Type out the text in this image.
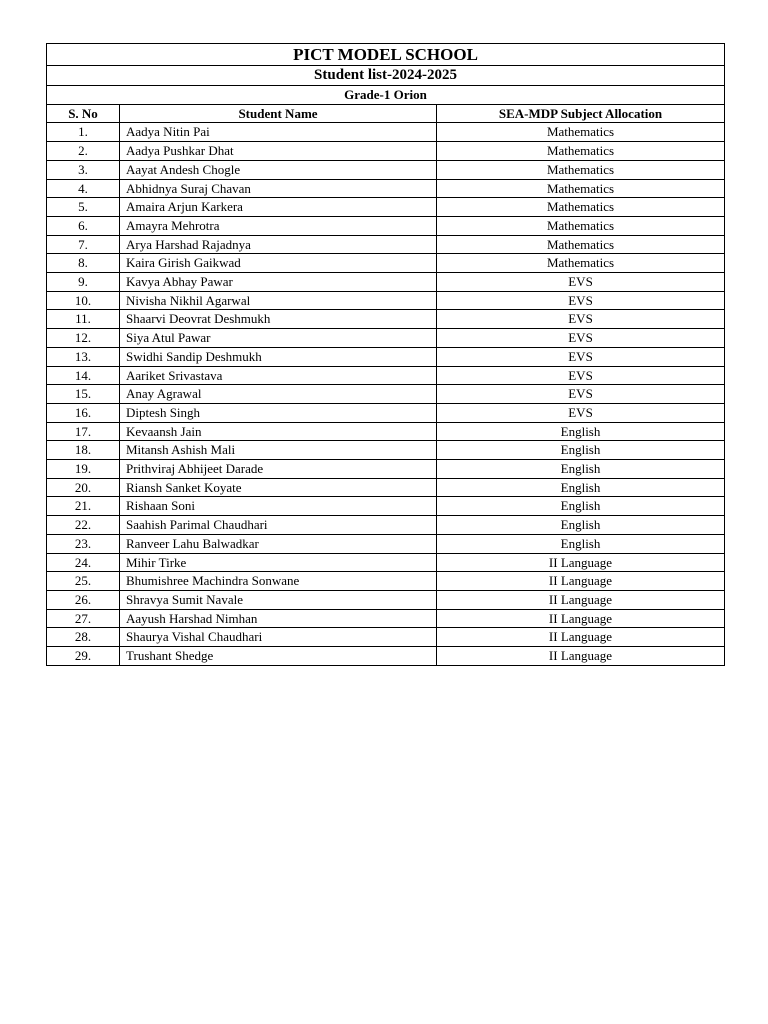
PICT MODEL SCHOOL		
Student list-2024-2025		
Grade-1 Orion		
S. No	Student Name	SEA-MDP Subject Allocation
1.	Aadya Nitin Pai	Mathematics
2.	Aadya Pushkar Dhat	Mathematics
3.	Aayat Andesh Chogle	Mathematics
4.	Abhidnya Suraj Chavan	Mathematics
5.	Amaira Arjun Karkera	Mathematics
6.	Amayra Mehrotra	Mathematics
7.	Arya Harshad Rajadnya	Mathematics
8.	Kaira Girish Gaikwad	Mathematics
9.	Kavya Abhay Pawar	EVS
10.	Nivisha Nikhil Agarwal	EVS
11.	Shaarvi Deovrat Deshmukh	EVS
12.	Siya Atul Pawar	EVS
13.	Swidhi Sandip Deshmukh	EVS
14.	Aariket Srivastava	EVS
15.	Anay Agrawal	EVS
16.	Diptesh Singh	EVS
17.	Kevaansh Jain	English
18.	Mitansh Ashish Mali	English
19.	Prithviraj Abhijeet Darade	English
20.	Riansh Sanket Koyate	English
21.	Rishaan Soni	English
22.	Saahish Parimal Chaudhari	English
23.	Ranveer Lahu Balwadkar	English
24.	Mihir Tirke	II Language
25.	Bhumishree Machindra Sonwane	II Language
26.	Shravya Sumit Navale	II Language
27.	Aayush Harshad Nimhan	II Language
28.	Shaurya Vishal Chaudhari	II Language
29.	Trushant Shedge	II Language
